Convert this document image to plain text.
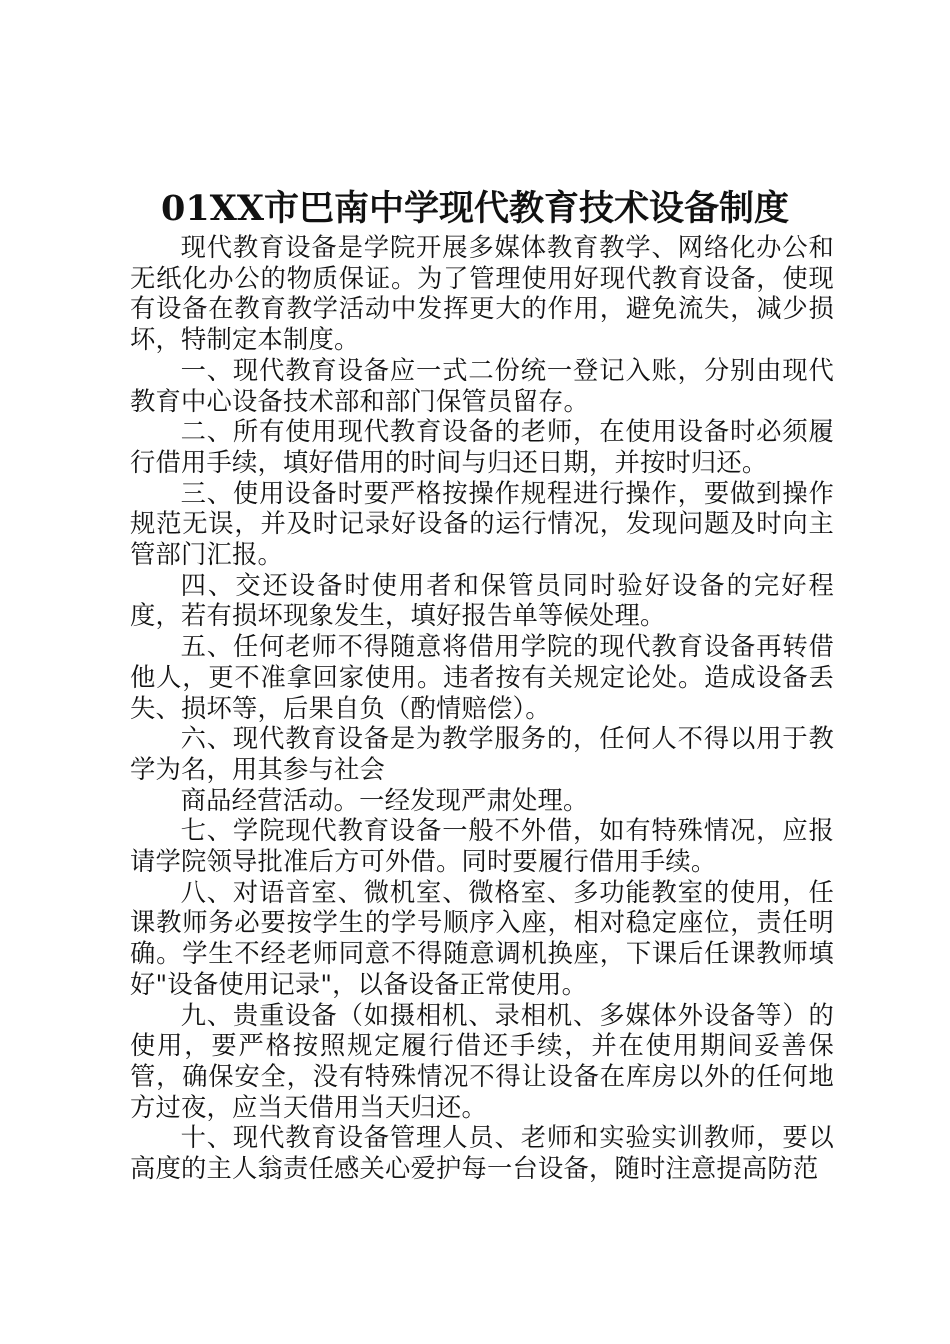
01XX市巴南中学现代教育技术设备制度

现代教育设备是学院开展多媒体教育教学、网络化办公和无纸化办公的物质保证。为了管理使用好现代教育设备，使现有设备在教育教学活动中发挥更大的作用，避免流失，减少损坏，特制定本制度。

一、现代教育设备应一式二份统一登记入账，分别由现代教育中心设备技术部和部门保管员留存。

二、所有使用现代教育设备的老师，在使用设备时必须履行借用手续，填好借用的时间与归还日期，并按时归还。

三、使用设备时要严格按操作规程进行操作，要做到操作规范无误，并及时记录好设备的运行情况，发现问题及时向主管部门汇报。

四、交还设备时使用者和保管员同时验好设备的完好程度，若有损坏现象发生，填好报告单等候处理。

五、任何老师不得随意将借用学院的现代教育设备再转借他人，更不准拿回家使用。违者按有关规定论处。造成设备丢失、损坏等，后果自负（酌情赔偿）。

六、现代教育设备是为教学服务的，任何人不得以用于教学为名，用其参与社会

商品经营活动。一经发现严肃处理。

七、学院现代教育设备一般不外借，如有特殊情况，应报请学院领导批准后方可外借。同时要履行借用手续。

八、对语音室、微机室、微格室、多功能教室的使用，任课教师务必要按学生的学号顺序入座，相对稳定座位，责任明确。学生不经老师同意不得随意调机换座，下课后任课教师填好"设备使用记录"，以备设备正常使用。

九、贵重设备（如摄相机、录相机、多媒体外设备等）的使用，要严格按照规定履行借还手续，并在使用期间妥善保管，确保安全，没有特殊情况不得让设备在库房以外的任何地方过夜，应当天借用当天归还。

十、现代教育设备管理人员、老师和实验实训教师，要以高度的主人翁责任感关心爱护每一台设备，随时注意提高防范
